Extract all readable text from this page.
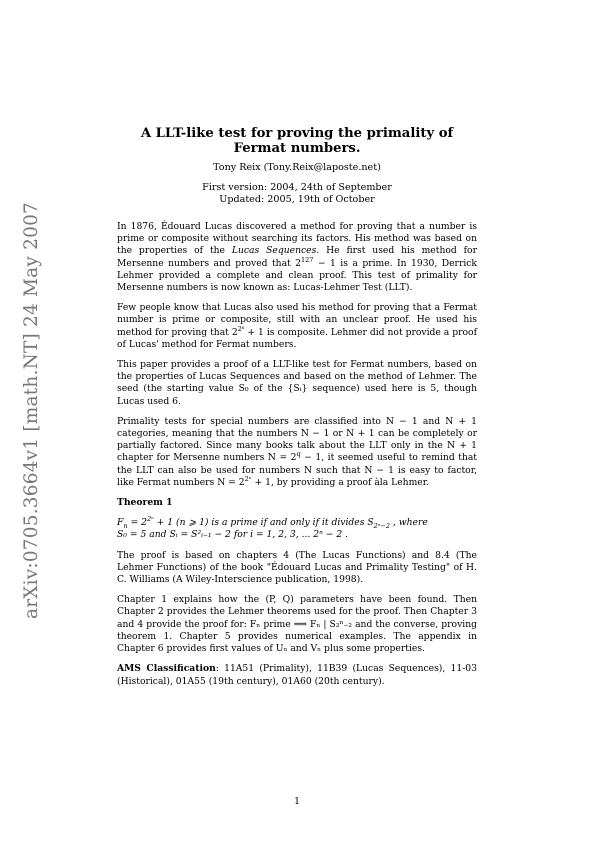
arXiv:0705.3664v1 [math.NT] 24 May 2007
A LLT-like test for proving the primality of
Fermat numbers.
Tony Reix (Tony.Reix@laposte.net)
First version: 2004, 24th of September
Updated: 2005, 19th of October

In 1876, Édouard Lucas discovered a method for proving that a number is prime or composite without searching its factors. His method was based on the properties of the Lucas Sequences. He first used his method for Mersenne numbers and proved that $2^{127} - 1$ is a prime. In 1930, Derrick Lehmer provided a complete and clean proof. This test of primality for Mersenne numbers is now known as: Lucas-Lehmer Test (LLT).

Few people know that Lucas also used his method for proving that a Fermat number is prime or composite, still with an unclear proof. He used his method for proving that $2^{2^6} + 1$ is composite. Lehmer did not provide a proof of Lucas' method for Fermat numbers.

This paper provides a proof of a LLT-like test for Fermat numbers, based on the properties of Lucas Sequences and based on the method of Lehmer. The seed (the starting value S₀ of the {Sᵢ} sequence) used here is 5, though Lucas used 6.

Primality tests for special numbers are classified into N − 1 and N + 1 categories, meaning that the numbers N − 1 or N + 1 can be completely or partially factored. Since many books talk about the LLT only in the N + 1 chapter for Mersenne numbers $N = 2^q - 1$, it seemed useful to remind that the LLT can also be used for numbers N such that N − 1 is easy to factor, like Fermat numbers $N = 2^{2^n} + 1$, by providing a proof àla Lehmer.

Theorem 1

$F_n = 2^{2^n} + 1$ (n ⩾ 1) is a prime if and only if it divides $S_{2^n-2}$ , where
S₀ = 5 and Sᵢ = S²ᵢ₋₁ − 2 for i = 1, 2, 3, ... 2ⁿ − 2 .

The proof is based on chapters 4 (The Lucas Functions) and 8.4 (The Lehmer Functions) of the book "Édouard Lucas and Primality Testing" of H. C. Williams (A Wiley-Interscience publication, 1998).

Chapter 1 explains how the (P, Q) parameters have been found. Then Chapter 2 provides the Lehmer theorems used for the proof. Then Chapter 3 and 4 provide the proof for: Fₙ prime ⟹ Fₙ | S₂ⁿ₋₂ and the converse, proving theorem 1. Chapter 5 provides numerical examples. The appendix in Chapter 6 provides first values of Uₙ and Vₙ plus some properties.

AMS Classification: 11A51 (Primality), 11B39 (Lucas Sequences), 11-03 (Historical), 01A55 (19th century), 01A60 (20th century).

1
